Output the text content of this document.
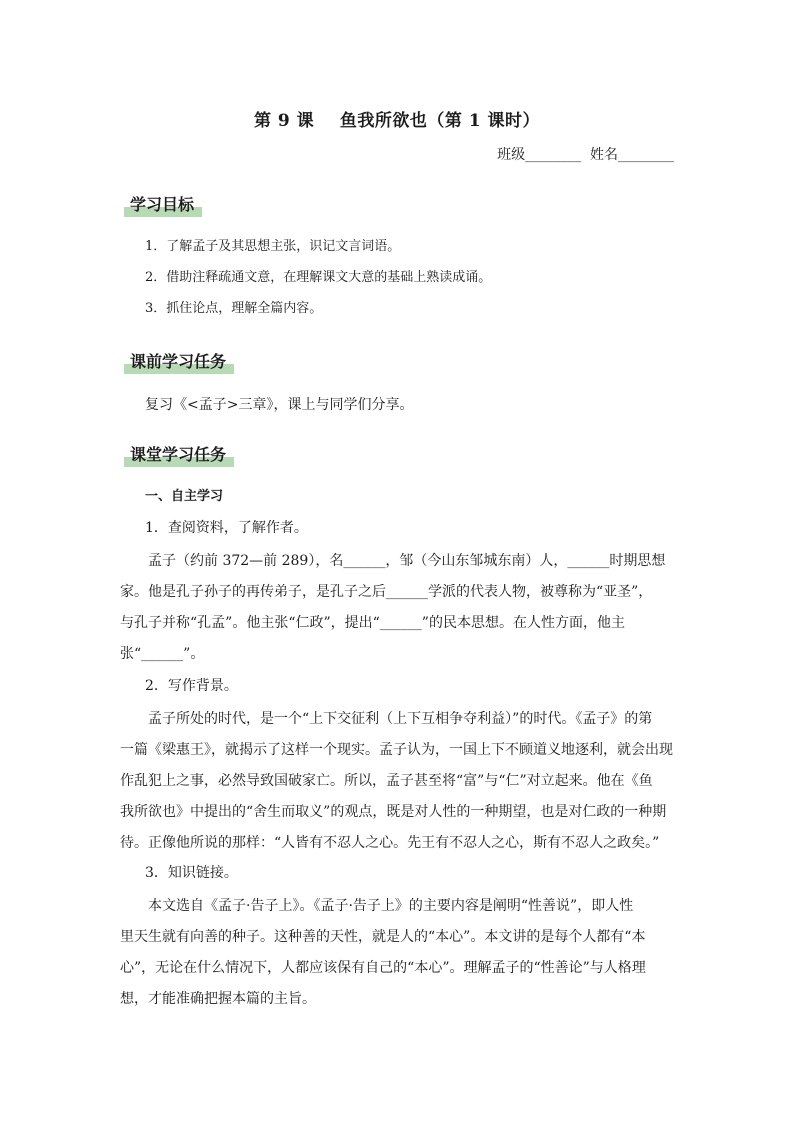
第 9 课    鱼我所欲也（第 1 课时）
班级________  姓名________
学习目标
1．了解孟子及其思想主张，识记文言词语。
2．借助注释疏通文意，在理解课文大意的基础上熟读成诵。
3．抓住论点，理解全篇内容。
课前学习任务
复习《<孟子>三章》，课上与同学们分享。
课堂学习任务
一、自主学习
1．查阅资料，了解作者。
孟子（约前 372—前 289），名______，邹（今山东邹城东南）人，______时期思想
家。他是孔子孙子的再传弟子，是孔子之后______学派的代表人物，被尊称为“亚圣”，
与孔子并称“孔孟”。他主张“仁政”，提出“______”的民本思想。在人性方面，他主
张“______”。
2．写作背景。
孟子所处的时代，是一个“上下交征利（上下互相争夺利益）”的时代。《孟子》的第
一篇《梁惠王》，就揭示了这样一个现实。孟子认为，一国上下不顾道义地逐利，就会出现
作乱犯上之事，必然导致国破家亡。所以，孟子甚至将“富”与“仁”对立起来。他在《鱼
我所欲也》中提出的“舍生而取义”的观点，既是对人性的一种期望，也是对仁政的一种期
待。正像他所说的那样：“人皆有不忍人之心。先王有不忍人之心，斯有不忍人之政矣。”
3．知识链接。
本文选自《孟子·告子上》。《孟子·告子上》的主要内容是阐明“性善说”，即人性
里天生就有向善的种子。这种善的天性，就是人的“本心”。本文讲的是每个人都有“本
心”，无论在什么情况下，人都应该保有自己的“本心”。理解孟子的“性善论”与人格理
想，才能准确把握本篇的主旨。
